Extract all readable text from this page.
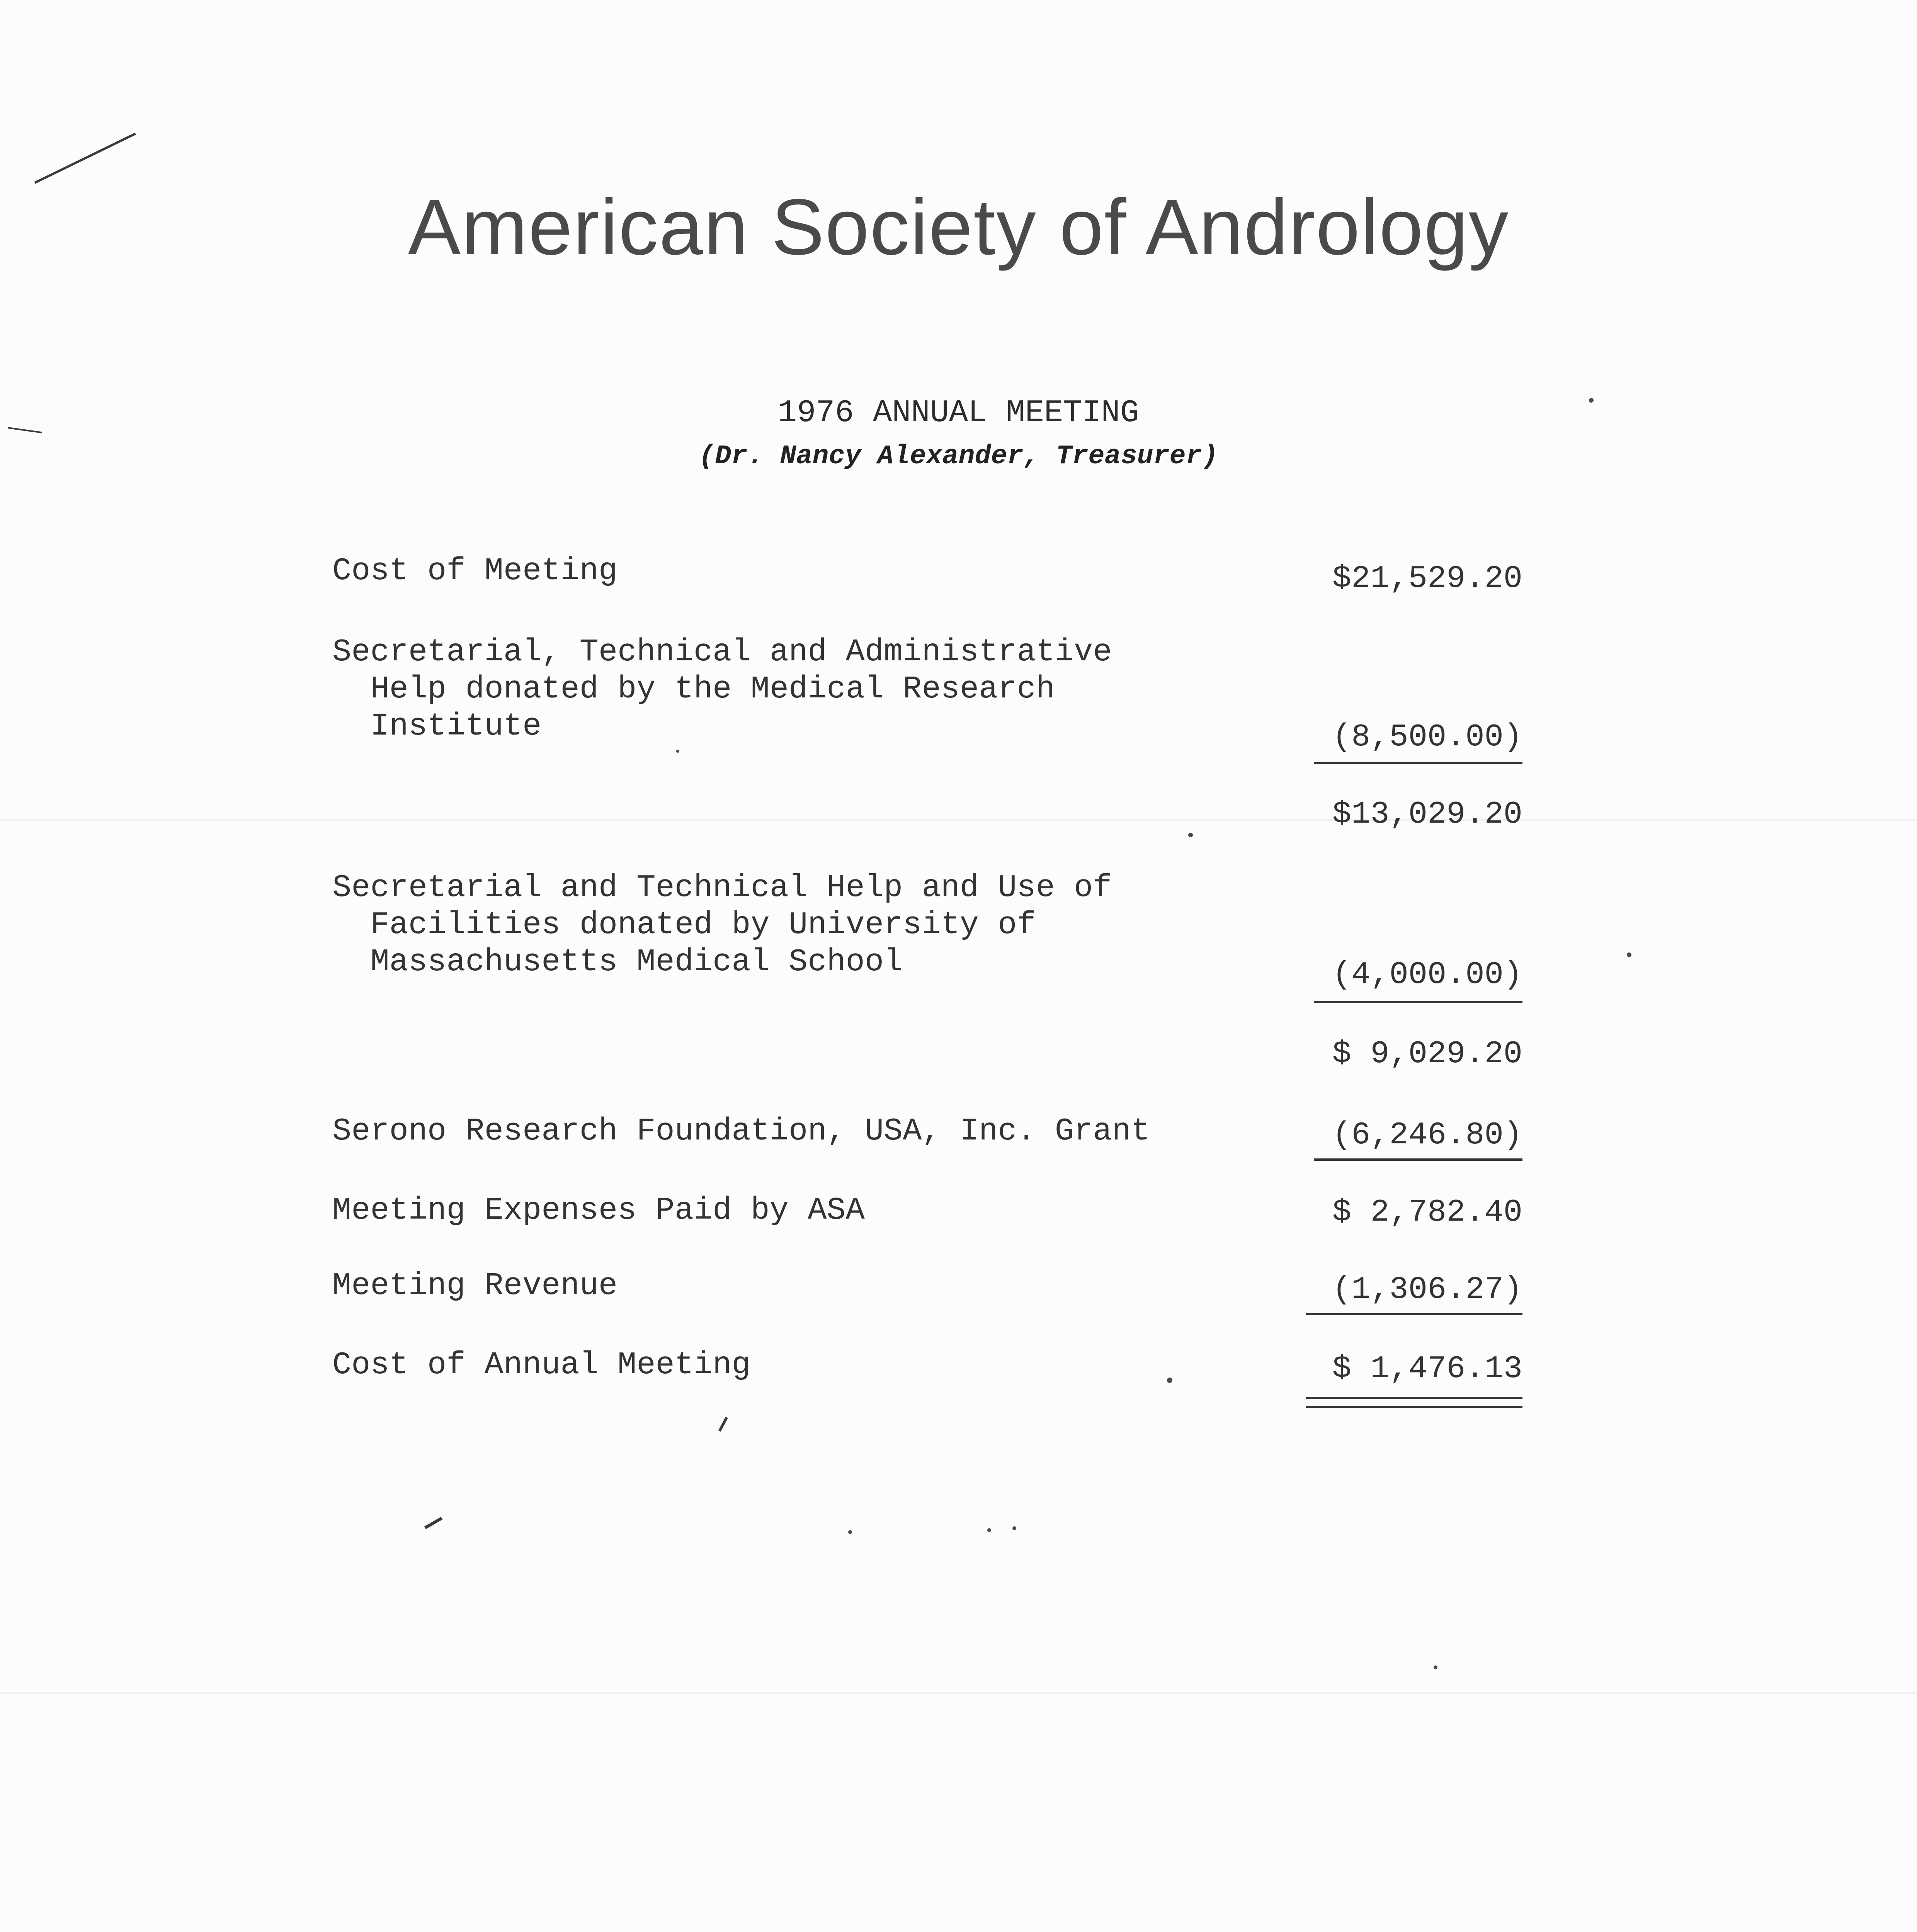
American Society of Andrology
1976 ANNUAL MEETING
(Dr. Nancy Alexander, Treasurer)
Cost of Meeting	$21,529.20
Secretarial, Technical and Administrative
Help donated by the Medical Research
Institute	(8,500.00)
$13,029.20
Secretarial and Technical Help and Use of
Facilities donated by University of
Massachusetts Medical School	(4,000.00)
$ 9,029.20
Serono Research Foundation, USA, Inc. Grant	(6,246.80)
Meeting Expenses Paid by ASA	$ 2,782.40
Meeting Revenue	(1,306.27)
Cost of Annual Meeting	$ 1,476.13
